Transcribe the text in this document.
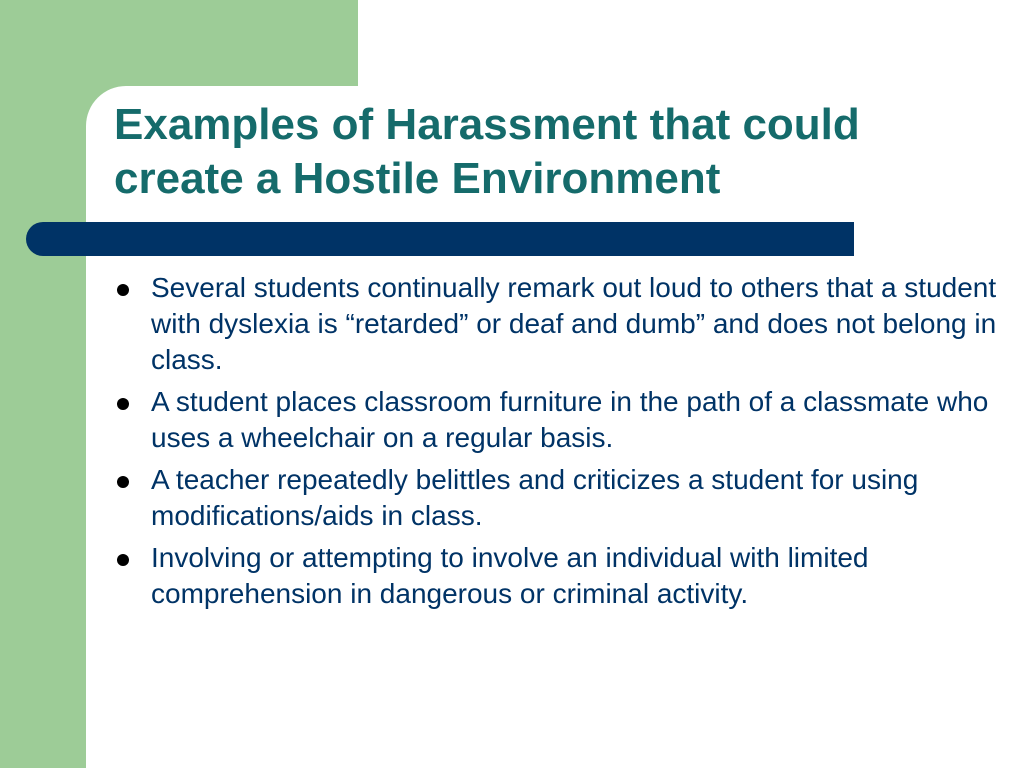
Examples of Harassment that could
create a Hostile Environment
Several students continually remark out loud to others that a student with dyslexia is “retarded” or deaf and dumb” and does not belong in class.
A student places classroom furniture in the path of a classmate who uses a wheelchair on a regular basis.
A teacher repeatedly belittles and criticizes a student for using modifications/aids in class.
Involving or attempting to involve an individual with limited comprehension in dangerous or criminal activity.
